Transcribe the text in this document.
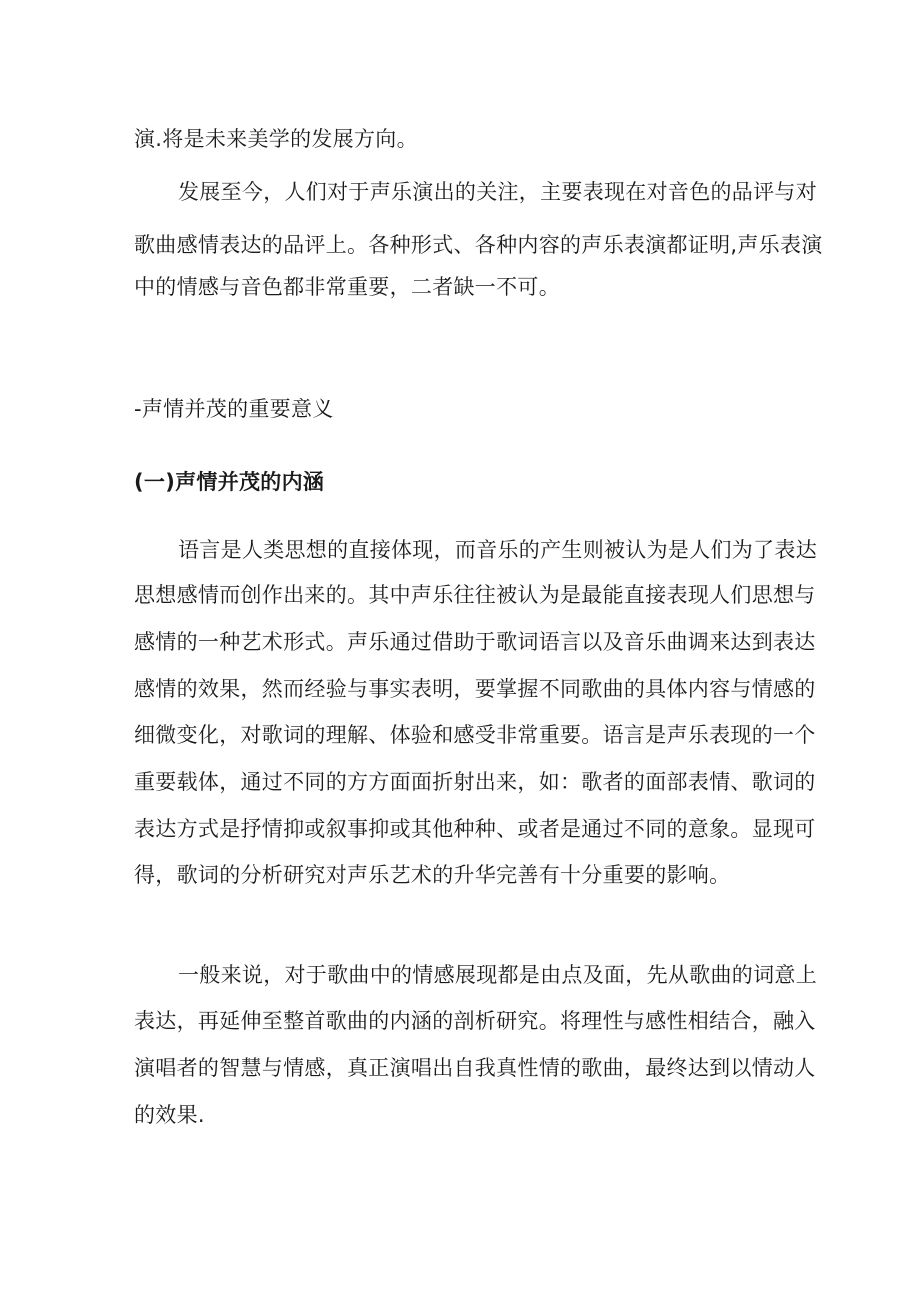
演.将是未来美学的发展方向。
发展至今，人们对于声乐演出的关注，主要表现在对音色的品评与对
歌曲感情表达的品评上。各种形式、各种内容的声乐表演都证明,声乐表演
中的情感与音色都非常重要，二者缺一不可。
-声情并茂的重要意义
(一)声情并茂的内涵
语言是人类思想的直接体现，而音乐的产生则被认为是人们为了表达
思想感情而创作出来的。其中声乐往往被认为是最能直接表现人们思想与
感情的一种艺术形式。声乐通过借助于歌词语言以及音乐曲调来达到表达
感情的效果，然而经验与事实表明，要掌握不同歌曲的具体内容与情感的
细微变化，对歌词的理解、体验和感受非常重要。语言是声乐表现的一个
重要载体，通过不同的方方面面折射出来，如：歌者的面部表情、歌词的
表达方式是抒情抑或叙事抑或其他种种、或者是通过不同的意象。显现可
得，歌词的分析研究对声乐艺术的升华完善有十分重要的影响。
一般来说，对于歌曲中的情感展现都是由点及面，先从歌曲的词意上
表达，再延伸至整首歌曲的内涵的剖析研究。将理性与感性相结合，融入
演唱者的智慧与情感，真正演唱出自我真性情的歌曲，最终达到以情动人
的效果.
